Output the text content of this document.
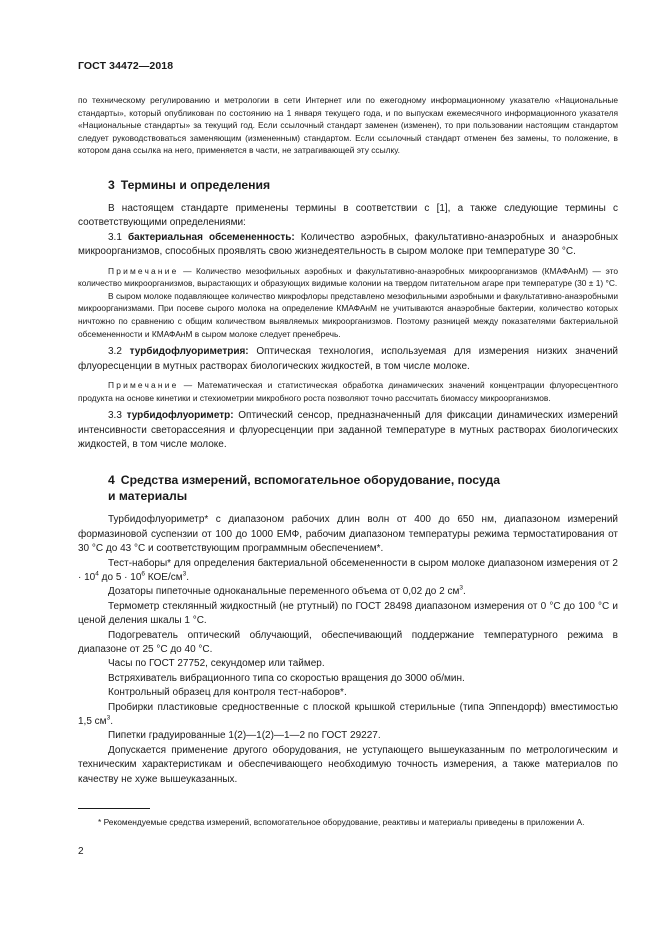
ГОСТ 34472—2018

по техническому регулированию и метрологии в сети Интернет или по ежегодному информационному указателю «Национальные стандарты», который опубликован по состоянию на 1 января текущего года, и по выпускам ежемесячного информационного указателя «Национальные стандарты» за текущий год. Если ссылочный стандарт заменен (изменен), то при пользовании настоящим стандартом следует руководствоваться заменяющим (измененным) стандартом. Если ссылочный стандарт отменен без замены, то положение, в котором дана ссылка на него, применяется в части, не затрагивающей эту ссылку.

3 Термины и определения

В настоящем стандарте применены термины в соответствии с [1], а также следующие термины с соответствующими определениями:

3.1 бактериальная обсемененность: Количество аэробных, факультативно-анаэробных и анаэробных микроорганизмов, способных проявлять свою жизнедеятельность в сыром молоке при температуре 30 °С.

Примечание — Количество мезофильных аэробных и факультативно-анаэробных микроорганизмов (КМАФАнМ) — это количество микроорганизмов, вырастающих и образующих видимые колонии на твердом питательном агаре при температуре (30 ± 1) °С.

В сыром молоке подавляющее количество микрофлоры представлено мезофильными аэробными и факультативно-анаэробными микроорганизмами. При посеве сырого молока на определение КМАФАнМ не учитываются анаэробные бактерии, количество которых ничтожно по сравнению с общим количеством выявляемых микроорганизмов. Поэтому разницей между показателями бактериальной обсемененности и КМАФАнМ в сыром молоке следует пренебречь.

3.2 турбидофлуориметрия: Оптическая технология, используемая для измерения низких значений флуоресценции в мутных растворах биологических жидкостей, в том числе молоке.

Примечание — Математическая и статистическая обработка динамических значений концентрации флуоресцентного продукта на основе кинетики и стехиометрии микробного роста позволяют точно рассчитать биомассу микроорганизмов.

3.3 турбидофлуориметр: Оптический сенсор, предназначенный для фиксации динамических измерений интенсивности светорассеяния и флуоресценции при заданной температуре в мутных растворах биологических жидкостей, в том числе молоке.

4 Средства измерений, вспомогательное оборудование, посуда
и материалы

Турбидофлуориметр* с диапазоном рабочих длин волн от 400 до 650 нм, диапазоном измерений формазиновой суспензии от 100 до 1000 ЕМФ, рабочим диапазоном температуры режима термостатирования от 30 °С до 43 °С и соответствующим программным обеспечением*.

Тест-наборы* для определения бактериальной обсемененности в сыром молоке диапазоном измерения от $2 \cdot 10^4$ до $5 \cdot 10^6$ КОЕ/$см^3$.

Дозаторы пипеточные одноканальные переменного объема от 0,02 до 2 $см^3$.

Термометр стеклянный жидкостный (не ртутный) по ГОСТ 28498 диапазоном измерения от 0 °С до 100 °С и ценой деления шкалы 1 °С.

Подогреватель оптический облучающий, обеспечивающий поддержание температурного режима в диапазоне от 25 °С до 40 °С.

Часы по ГОСТ 27752, секундомер или таймер.

Встряхиватель вибрационного типа со скоростью вращения до 3000 об/мин.

Контрольный образец для контроля тест-наборов*.

Пробирки пластиковые средноственные с плоской крышкой стерильные (типа Эппендорф) вместимостью 1,5 $см^3$.

Пипетки градуированные 1(2)—1(2)—1—2 по ГОСТ 29227.

Допускается применение другого оборудования, не уступающего вышеуказанным по метрологическим и техническим характеристикам и обеспечивающего необходимую точность измерения, а также материалов по качеству не хуже вышеуказанных.

* Рекомендуемые средства измерений, вспомогательное оборудование, реактивы и материалы приведены в приложении А.

2
